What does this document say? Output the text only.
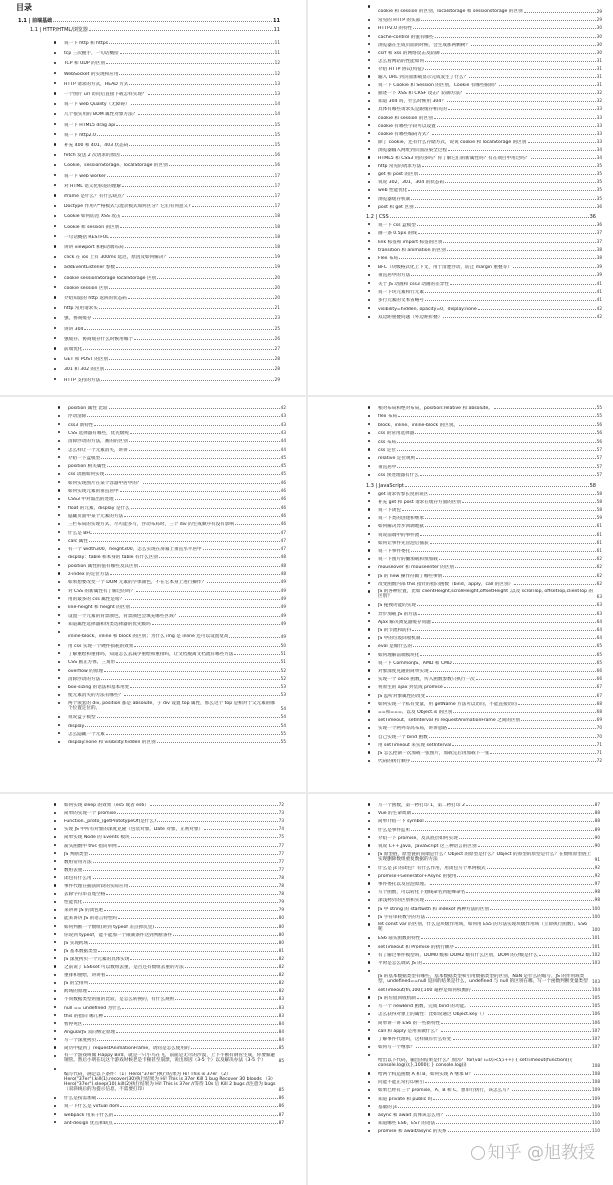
目录
1.1 | 前端基础	11
1.1 | HTTP/HTML/浏览器	11
说一下 http 和 https	11
tcp 三次握手，一句话概括	11
TCP 和 UDP 的区别	12
WebSocket 的实现和应用	12
HTTP 请求的方式，HEAD 方式	13
一个图片 url 访问后直接下载怎样实现？	13
说一下 web Quality（无障碍）	14
几个很实用的 BOM 属性对象方法？	14
说一下 HTML5 drag api	15
说一下 http2.0	15
补充 400 和 401、403 状态码	15
fetch 发送 2 次请求的原因	16
Cookie、sessionStorage、localStorage 的区别	16
说一下 web worker	17
对 HTML 语义化标签的理解	17
iframe 是什么？有什么缺点？	17
Doctype 作用?严格模式与混杂模式如何区分？它们有何意义?	17
Cookie 如何防范 XSS 攻击	18
Cookie 和 session 的区别	18
一句话概括 RESTFUL	18
讲讲 viewport 和移动端布局	18
click 在 ios 上有 300ms 延迟，原因及如何解决？	19
addEventListener 参数	19
cookie sessionStorage localStorage 区别	20
cookie session 区别	20
介绍知道的 http 返回的状态码	20
http 常用请求头	21
强，协商缓存	23
讲讲 304	25
强缓存、协商缓存什么时候用哪个	26
前端优化	27
GET 和 POST 的区别	28
301 和 302 的区别	28
HTTP 支持的方法	29
cookie 和 session 的区别，localstorage 和 sessionstorage 的区别	29
常见的 HTTP 的头部	29
HTTP2.0 的特性	30
cache-control 的值有哪些	30
浏览器在生成页面的时候，会生成那两颗树？	30
csrf 和 xss 的网络攻击及防御	30
怎么看网站的性能如何	31
介绍 HTTP 协议(特征)	31
输入 URL 到页面加载显示完成发生了什么？	31
说一下 Cookie 和 Session 的区别，Cookie 有哪些限制？	31
描述一下 XSS 和 CRSF 攻击？防御方法？	32
知道 304 吗，什么时候用 304？	32
具体有哪些请求头是跟缓存相关的	33
cookie 和 session 的区别	33
cookie 有哪些字段可以设置	33
cookie 有哪些编码方式？	33
除了 cookie，还有什么存储方式，说说 cookie 和 localStorage 的区别	33
浏览器输入网址到页面渲染全过程	34
HTML5 和 CSS3 用的多吗？你了解它们的新属性吗？有在项目中用过吗？	34
http 常见的请求方法	35
get 和 post 的区别	35
说说 302，301，304 的状态码	35
web 性能优化	35
浏览器缓存机制	35
post 和 get 区别	36
1.2 | CSS	36
说一下 css 盒模型	36
画一条 0.5px 的线	37
link 标签和 import 标签的区别	37
transition 和 animation 的区别	38
Flex 布局	38
BFC（块级格式化上下文，用于清楚浮动，防止 margin 重叠等）	39
垂直居中的方法	39
关于 JS 动画和 css3 动画的差异性	41
说一下块元素和行元素	41
多行元素的文本省略号	41
visibility=hidden, opacity=0，display:none	42
双边距重叠问题（外边距折叠）	42
position 属性 比较	42
浮动清除	43
css3 新特性	43
CSS 选择器有哪些，优先级呢	43
清除浮动的方法，画的的区别	44
怎么样让一个元素消失，讲讲	44
介绍一下盒模型	45
position 相关属性	45
css 动画如何实现	45
如何实现图片在某个容器中居中的？	46
如何实现元素的垂直居中	46
CSS3 中对溢出的处理	46
float 的元素，display 是什么	46
隐藏页面中某个元素的方法	46
三栏布局的实现方式，尽可能多写，浮动布局时，三个 div 的生成顺序有没有影响	46
什么是 BFC	47
calc 属性	47
有一个 width300，height300，怎么实现在屏幕上垂直水平居中	47
display：table 和本身的 table 有什么区别	48
position 属性的值有哪些及其区别	48
z-index 的定位方法	48
如果想要改变一个 DOM 元素的字体颜色，不在它本身上进行操作？	49
对 CSS 的新属性有了解过的吗？	49
用的最多的 css 属性是啥？	49
line-height 和 height 的区别	49
设置一个元素的背景颜色，背景颜色会填充哪些区域？	49
知道属性选择器和伪类选择器的优先级吗	49
inline-block、inline 和 block 的区别；为什么 img 是 inline 还可以设置宽高	49
用 css 实现一个硬件损耗的效果	50
了解重绘和重排吗，知道怎么去减少重绘和重排吗，让文档脱离文档流有哪些方法	51
CSS 画正方体，三角形	51
overflow 的原理	52
清除浮动的方法	52
box-sizing 的语法和基本用处	53
使元素消失的方法有哪些？	53
两个嵌套的 div, position 都是 absolute，子 div 设置 top 属性，那么这个 top 是相对于父元素的哪个位置定位的。	54
说说盒子模型	54
display	54
怎么隐藏一个元素	55
display:none 和 visibility:hidden 的区别	55
相对布局和绝对布局，position:relative 和 absolute。	55
flex 布局	55
block、inline、inline-block 的区别。	56
css 的常用选择器	56
css 布局	56
css 定位	57
relative 定位规则	57
垂直居中	57
css 预处理器有什么	57
1.3 | JavaScript	58
get 请求传参长度的误区	58
补充 get 和 post 请求在缓存方面的区别	58
说一下闭包	58
说一下类的创建和继承	59
如何解决异步回调地狱	61
说说前端中的事件流	61
如何让事件先冒泡后捕获	61
说一下事件委托	61
说一下图片的懒加载和预加载	62
mouseover 和 mouseenter 的区别	62
JS 的 new 操作符做了哪些事情	62
改变函数内部 this 指针的指向函数（bind，apply，call 的区别）	62
JS 的各种位置，比如 clientHeight,scrollHeight,offsetHeight ,以及 scrollTop, offsetTop,clientTop 的区别？	63
JS 拖拽功能的实现	63
异步加载 JS 的方法	63
Ajax 解决浏览器缓存问题	64
JS 的节流和防抖	64
JS 中的垃圾回收机制	64
eval 是做什么的	65
如何理解前端模块化	65
说一下 CommonJS、AMD 和 CMD	65
对象深度克隆的简单实现	66
实现一个 once 函数，传入函数参数只执行一次	66
将原生的 ajax 封装成 promise	67
JS 监听对象属性的改变	67
如何实现一个私有变量，用 getName 方法可以访问，不能直接访问	68
==和===、以及 Object.is 的区别	68
setTimeout、setInterval 和 requestAnimationFrame 之间的区别	69
实现一个两列等高布局，讲讲思路	70
自己实现一个 bind 函数	70
用 setTimeout 来实现 setInterval	71
JS 怎么控制一次加载一张图片，加载完后再加载下一张	71
代码的执行顺序	72
如何实现 sleep 的效果（es5 或者 es6）	72
简单的实现一个 promise	73
Function._proto_(getPrototypeOf)是什么?	73
实现 JS 中所有对象的深度克隆（包装对象，Date 对象，正则对象）	74
简单实现 Node 的 Events 模块	75
箭头函数中 this 指向举例	77
JS 判断类型	77
数组常用方法	77
数组去重	77
闭包有什么用	78
事件代理在捕获阶段的实际应用	78
去除字符串首尾空格	78
性能优化	79
来讲讲 JS 的闭包吧	79
能来讲讲 JS 的语言特性吗	80
如何判断一个数组(讲到 typeof 差点掉坑里)	80
你说到 typeof，能不能加一个限制条件达到判断条件	80
JS 实现跨域	80
JS 基本数据类型	81
JS 深度拷贝一个元素的具体实现	82
之前说了 ES6set 可以数组去重，是否还有数组去重的方法	82
重排和重绘，讲讲看	82
JS 的全排列	82
跨域的原理	82
不同数据类型的值的比较，是怎么转换的，有什么规则	83
null == undefined 为什么	83
this 的指向 哪几种	83
暂停死区	84
AngularJS 双向绑定原理	84
写一个深度拷贝	84
简历中提到了 requestAnimationFrame，请问是怎么使用的	85
有一个游戏叫做 Flappy Bird，就是一只小鸟在飞，前面是无尽的沙漠，上下不断有钢管生成，你要躲避钢管。然后小明在玩这个游戏时候老是卡顿甚至崩溃，说出原因（3-5 个）以及解决办法（3-5 个）	85
编写代码，满足以下条件：（1）Hero("37er")执行结果为 Hi! This is 37er （2）Hero("37er").kill(1).recover(30)执行结果为 Hi! This is 37er Kill 1 bug Recover 30 bloods （3）Hero("37er").sleep(10).kill(2)执行结果为 Hi! This is 37er //等待 10s 后 Kill 2 bugs //注意为 bugs （双斜线后的为提示信息，不需要打印）	85
什么是按需加载	86
说一下什么是 virtual dom	86
webpack 用来干什么的	87
ant-design 优点和缺点	87
写一个函数，第一秒打印 1，第二秒打印 2	87
Vue 的生命周期	88
简单介绍一下 symbol	88
什么是事件监听	89
介绍一下 promise，及其底层如何实现	90
说说 C++,Java，JavaScript 这三种语言的区别	90
JS 原型链，原型链的顶端是什么？Object 的原型是什么？Object 的原型的原型是什么？在数组原型链上实现删除数组重复数据的方法	91
什么是 js 的闭包？有什么作用，用闭包写个单例模式	92
promise+Generator+Async 的使用	92
事件委托以及冒泡原理。	97
写个函数，可以转化下划线命名到驼峰命名	98
深浅拷贝的区别和实现	98
JS 中 string 的 startwith 和 indexof 两种方法的区别	100
JS 字符串转数字的方法	100
let const var 的区别，什么是块级作用域，如何用 ES5 的方法实现块级作用域（立即执行函数），ES6 呢	100
ES6 箭头函数的特性	101
setTimeout 和 Promise 的执行顺序	101
有了解过事件模型吗，DOM0 级和 DOM2 级有什么区别，DOM 的分级是什么	102
平时是怎么调试 JS 的	103
JS 的基本数据类型有哪些，基本数据类型和引用数据类型的区别，NaN 是什么的缩写，JS 的作用域类型，undefined==null 返回的结果是什么，undefined 与 null 的区别在哪，写一个函数判断变量类型	103
setTimeout(fn,100);100 毫秒是如何权衡的	104
JS 的垃圾回收机制	105
写一个 newBind 函数，完成 bind 的功能。	105
怎么获得对象上的属性：比如说通过 Object.key（）	106
简单讲一讲 ES6 的一些新特性	106
call 和 apply 是用来做什么？	107
了解事件代理吗，这样做有什么好处	107
如何写一个继承？	107
给出以下代码，输出的结果是什么？原因？ for(var i=0;i<5;i++) { setTimeout(function(){ console.log(i);},1000); } console.log(i)	108
给两个构造函数 A 和 B，如何实现 A 继承 B？	108
问能不能正常打印索引	108
如果已经有三个 promise，A、B 和 C，想串行执行，该怎么写？	109
知道 private 和 public 吗	109
基础的 js	109
async 和 await 具体该怎么用？	110
知道哪些 ES6，ES7 的语法	110
promise 和 await/async 的关系	110
知乎 @旭教授
